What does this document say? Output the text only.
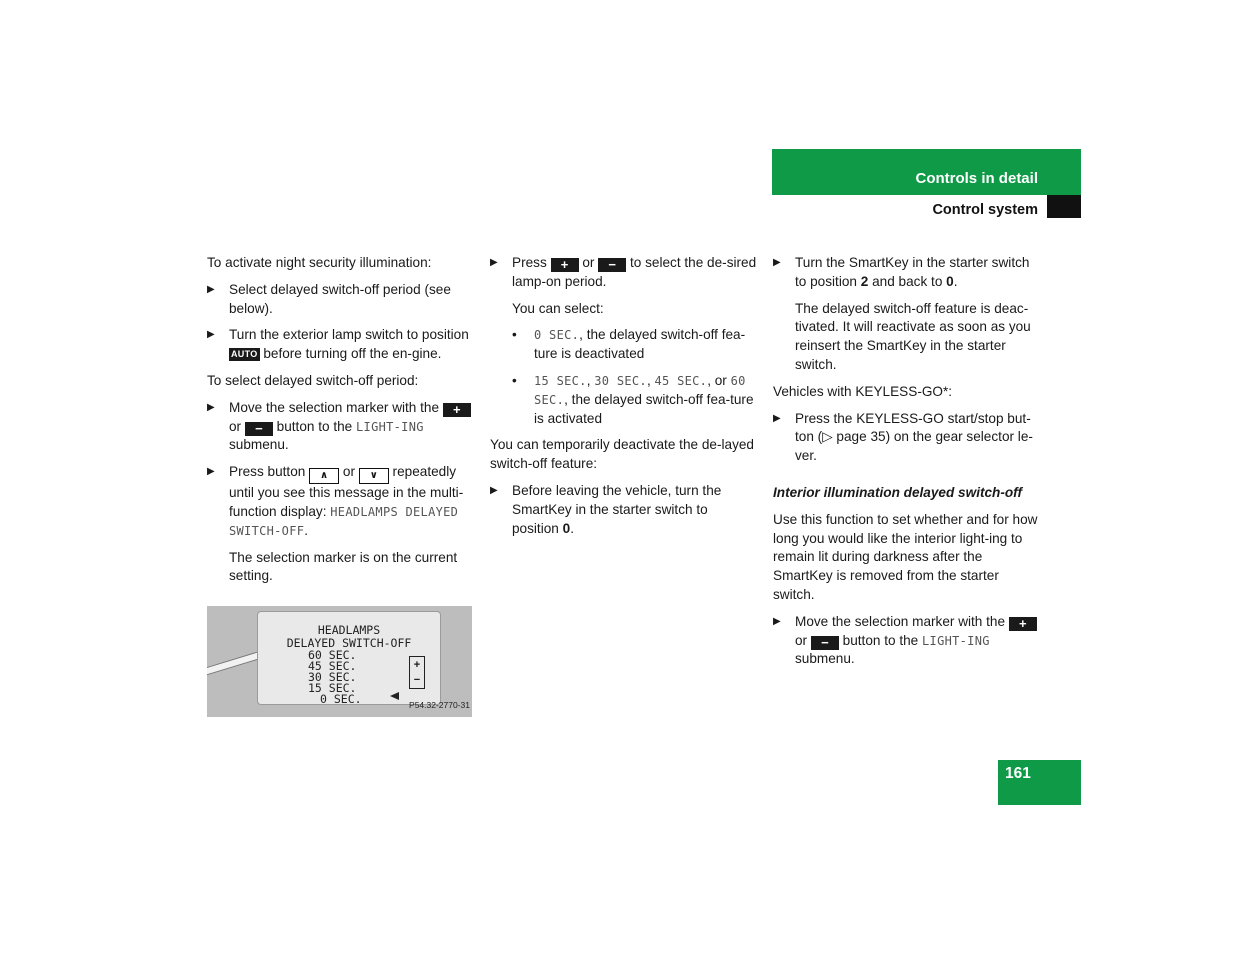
Controls in detail
Control system

To activate night security illumination:

▶ Select delayed switch-off period (see below).
▶ Turn the exterior lamp switch to position AUTO before turning off the en-gine.

To select delayed switch-off period:

▶ Move the selection marker with the + or − button to the LIGHT-ING submenu.
▶ Press button ∧ or ∨ repeatedly until you see this message in the multi-function display: HEADLAMPS DELAYED SWITCH-OFF.

The selection marker is on the current setting.

HEADLAMPS
DELAYED SWITCH-OFF
60 SEC.
45 SEC.
30 SEC.
15 SEC.
0 SEC.
+
−
P54.32-2770-31
▶ Press + or − to select the de-sired lamp-on period.

You can select:

• 0 SEC., the delayed switch-off fea-ture is deactivated
• 15 SEC., 30 SEC., 45 SEC., or 60 SEC., the delayed switch-off fea-ture is activated

You can temporarily deactivate the de-layed switch-off feature:

▶ Before leaving the vehicle, turn the SmartKey in the starter switch to position 0.
▶ Turn the SmartKey in the starter switch to position 2 and back to 0.

The delayed switch-off feature is deac-tivated. It will reactivate as soon as you reinsert the SmartKey in the starter switch.

Vehicles with KEYLESS-GO*:

▶ Press the KEYLESS-GO start/stop but-ton (▷ page 35) on the gear selector le-ver.

Interior illumination delayed switch-off

Use this function to set whether and for how long you would like the interior light-ing to remain lit during darkness after the SmartKey is removed from the starter switch.

▶ Move the selection marker with the + or − button to the LIGHT-ING submenu.
161
